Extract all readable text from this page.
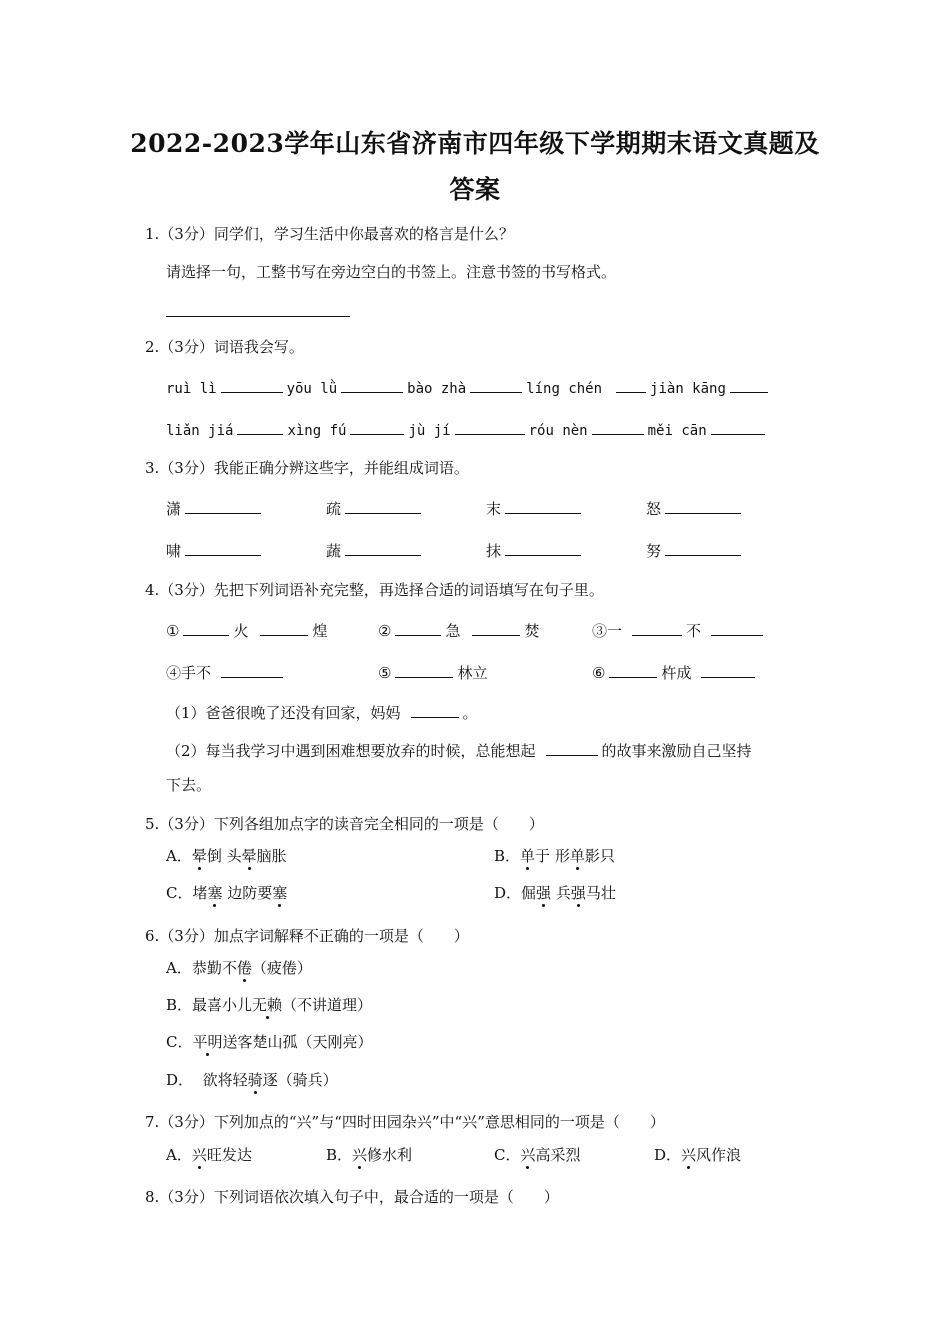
2022-2023学年山东省济南市四年级下学期期末语文真题及
答案
1.（3分）同学们，学习生活中你最喜欢的格言是什么？
请选择一句，工整书写在旁边空白的书签上。注意书签的书写格式。
2.（3分）词语我会写。
ruì lì	yōu lǜ	bào zhà	líng chén	jiàn kāng
liǎn jiá	xìng fú	jù jí	róu nèn	měi cān
3.（3分）我能正确分辨这些字，并能组成词语。
潇	疏	末	怒
啸	蔬	抹	努
4.（3分）先把下列词语补充完整，再选择合适的词语填写在句子里。
①	火	煌	②	急	焚	③一	不
④手不	⑤	林立	⑥	杵成
（1）爸爸很晚了还没有回家，妈妈	。
（2）每当我学习中遇到困难想要放弃的时候，总能想起	的故事来激励自己坚持
下去。
5.（3分）下列各组加点字的读音完全相同的一项是（　　）
A．晕倒 头晕脑胀	B．单于 形单影只
C．堵塞 边防要塞	D．倔强 兵强马壮
6.（3分）加点字词解释不正确的一项是（　　）
A．恭勤不倦（疲倦）
B．最喜小儿无赖（不讲道理）
C．平明送客楚山孤（天刚亮）
D．  欲将轻骑逐（骑兵）
7.（3分）下列加点的“兴”与“四时田园杂兴”中“兴”意思相同的一项是（　　）
A．兴旺发达	B．兴修水利	C．兴高采烈	D．兴风作浪
8.（3分）下列词语依次填入句子中，最合适的一项是（　　）
